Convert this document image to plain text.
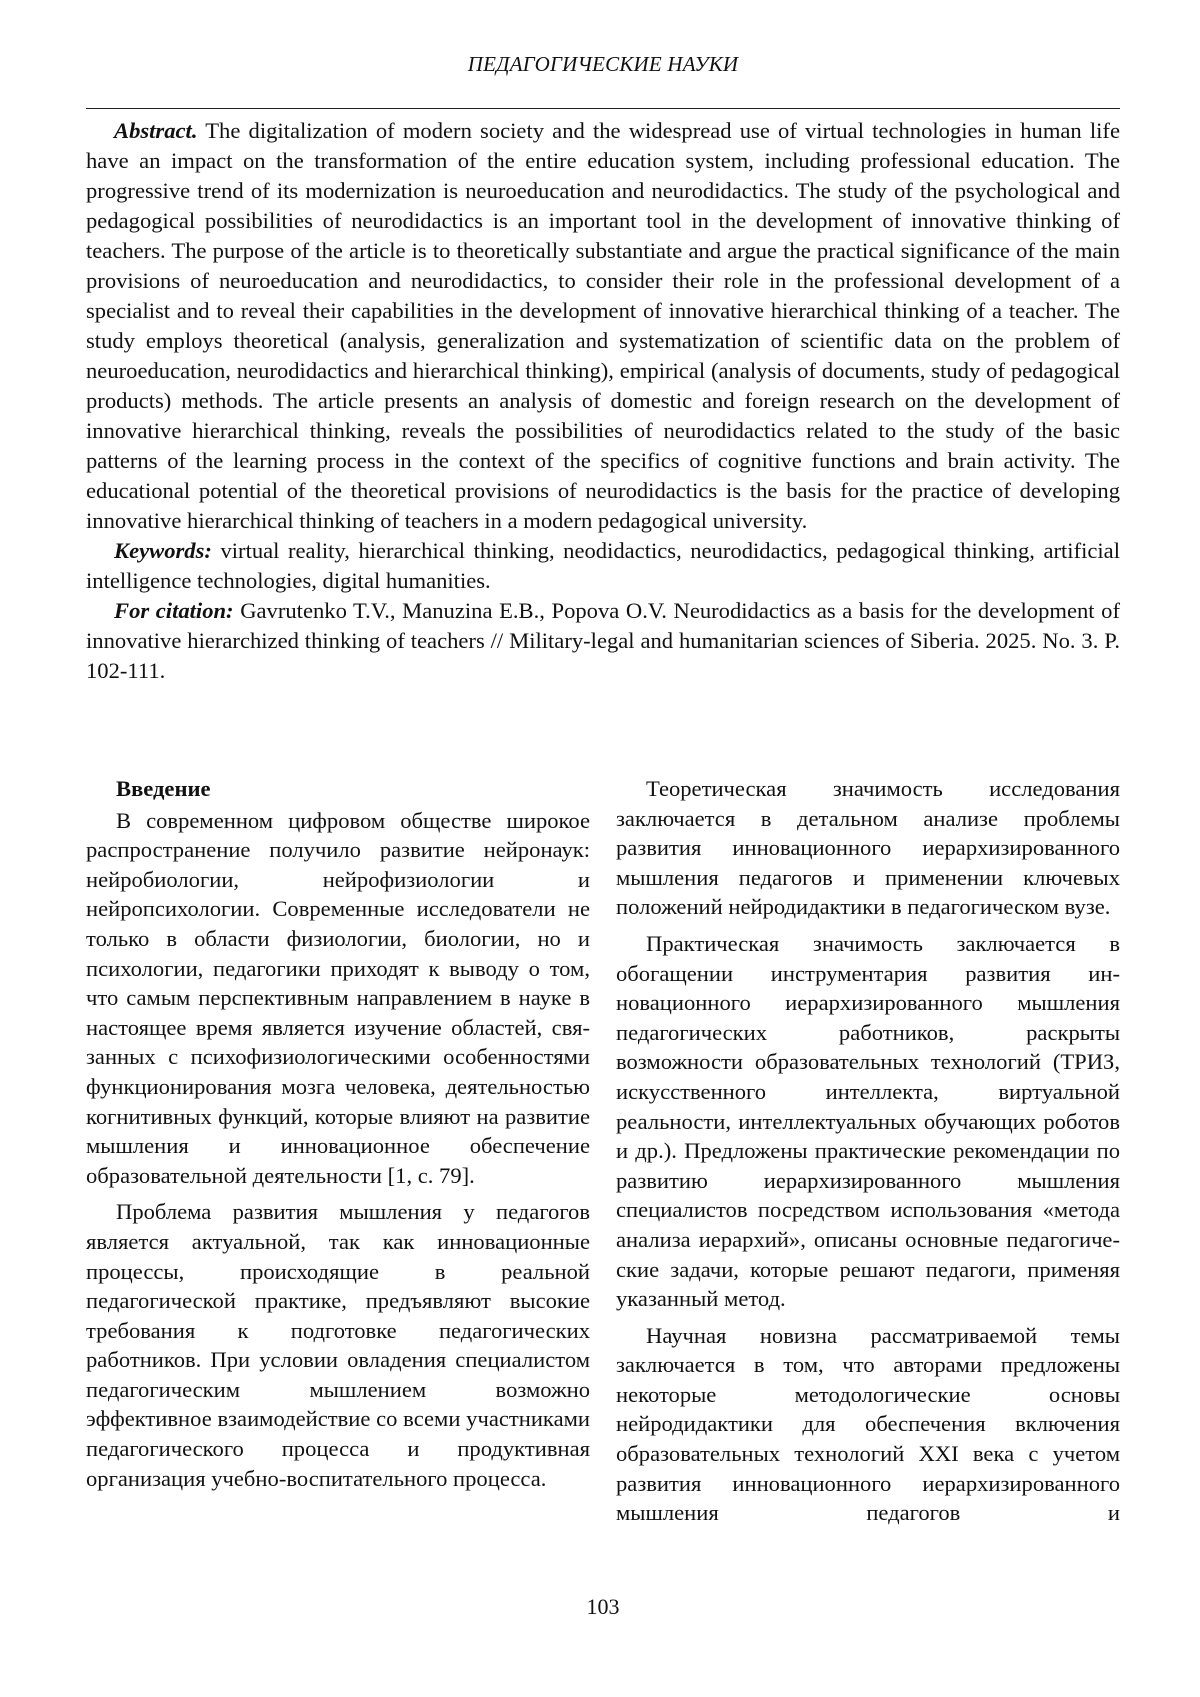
ПЕДАГОГИЧЕСКИЕ НАУКИ

Abstract. The digitalization of modern society and the widespread use of virtual technologies in human life have an impact on the transformation of the entire education system, including professional education. The progressive trend of its modernization is neuroeducation and neurodidactics. The study of the psychological and pedagogical possibilities of neurodidactics is an important tool in the development of innovative thinking of teachers. The purpose of the article is to theoretically substantiate and argue the practical significance of the main provisions of neuroeducation and neurodidactics, to consider their role in the professional development of a specialist and to reveal their capabilities in the development of innovative hierarchical thinking of a teacher. The study employs theoretical (analysis, generalization and systematization of scientific data on the problem of neuroeducation, neurodidactics and hierarchical thinking), empirical (analysis of documents, study of pedagogical products) methods. The article presents an analysis of domestic and foreign research on the development of innovative hierarchical thinking, reveals the possibilities of neurodidactics related to the study of the basic patterns of the learning process in the context of the specifics of cognitive functions and brain activity. The educational potential of the theoretical provisions of neurodidactics is the basis for the practice of developing innovative hierarchical thinking of teachers in a modern pedagogical university.

Keywords: virtual reality, hierarchical thinking, neodidactics, neurodidactics, pedagogical thinking, artificial intelligence technologies, digital humanities.

For citation: Gavrutenko T.V., Manuzina E.B., Popova O.V. Neurodidactics as a basis for the development of innovative hierarchized thinking of teachers // Military-legal and humanitarian sciences of Siberia. 2025. No. 3. P. 102-111.

Введение

В современном цифровом обществе широкое распространение получило развитие нейронаук: нейробиологии, нейрофизиологии и нейропсихологии. Современные исследователи не только в области физиологии, биологии, но и психологии, педагогики приходят к выводу о том, что самым перспективным направлением в науке в настоящее время является изучение областей, связанных с психофизиологическими особенностями функционирования мозга человека, деятельностью когнитивных функций, которые влияют на развитие мышления и инновационное обеспечение образовательной деятельности [1, с. 79].

Проблема развития мышления у педагогов является актуальной, так как инновационные процессы, происходящие в реальной педагогической практике, предъявляют высокие требования к подготовке педагогических работников. При условии овладения специалистом педагогическим мышлением возможно эффективное взаимодействие со всеми участниками педагогического процесса и продуктивная организация учебно-воспитательного процесса.

Теоретическая значимость исследования заключается в детальном анализе проблемы развития инновационного иерархизированного мышления педагогов и применении ключевых положений нейродидактики в педагогическом вузе.

Практическая значимость заключается в обогащении инструментария развития инновационного иерархизированного мышления педагогических работников, раскрыты возможности образовательных технологий (ТРИЗ, искусственного интеллекта, виртуальной реальности, интеллектуальных обучающих роботов и др.). Предложены практические рекомендации по развитию иерархизированного мышления специалистов посредством использования «метода анализа иерархий», описаны основные педагогические задачи, которые решают педагоги, применяя указанный метод.

Научная новизна рассматриваемой темы заключается в том, что авторами предложены некоторые методологические основы нейродидактики для обеспечения включения образовательных технологий XXI века с учетом развития инновационного иерархизированного мышления педагогов и

103
